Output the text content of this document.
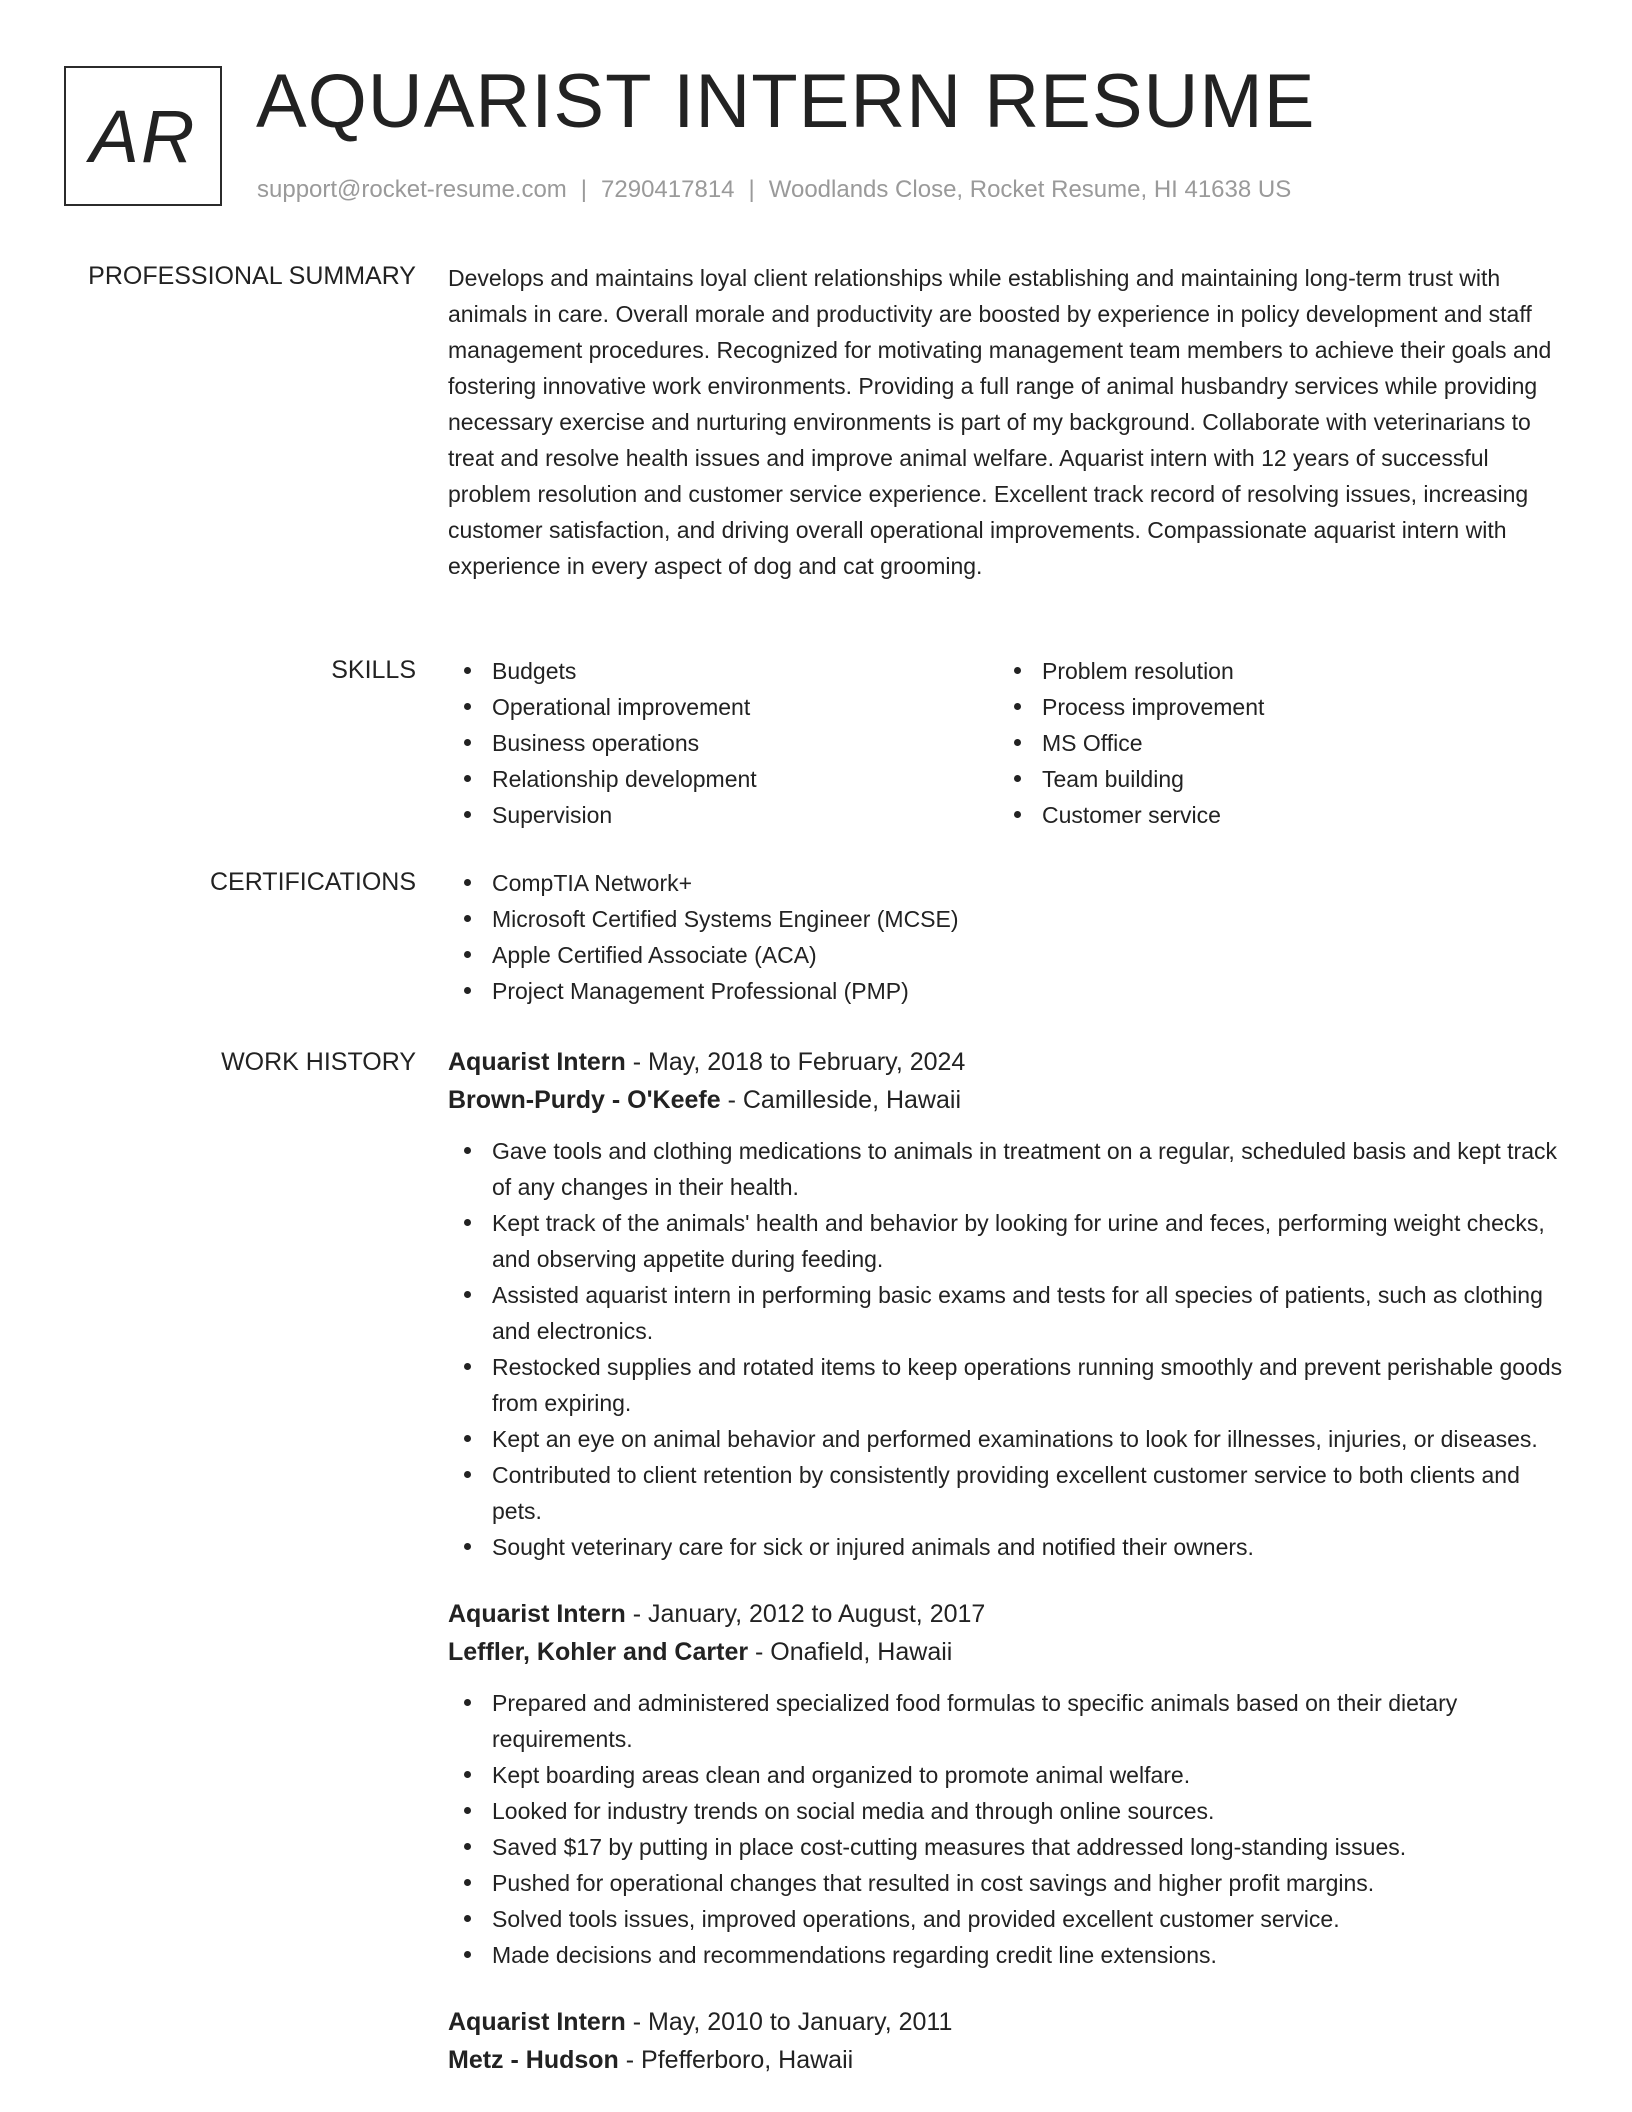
AR AQUARIST INTERN RESUME
support@rocket-resume.com | 7290417814 | Woodlands Close, Rocket Resume, HI 41638 US
PROFESSIONAL SUMMARY Develops and maintains loyal client relationships while establishing and maintaining long-term trust with animals in care. Overall morale and productivity are boosted by experience in policy development and staff management procedures. Recognized for motivating management team members to achieve their goals and fostering innovative work environments. Providing a full range of animal husbandry services while providing necessary exercise and nurturing environments is part of my background. Collaborate with veterinarians to treat and resolve health issues and improve animal welfare. Aquarist intern with 12 years of successful problem resolution and customer service experience. Excellent track record of resolving issues, increasing customer satisfaction, and driving overall operational improvements. Compassionate aquarist intern with experience in every aspect of dog and cat grooming.

SKILLS	Budgets
Operational improvement
Business operations
Relationship development
Supervision
Problem resolution
Process improvement
MS Office
Team building
Customer service
CERTIFICATIONS	CompTIA Network+
Microsoft Certified Systems Engineer (MCSE)
Apple Certified Associate (ACA)
Project Management Professional (PMP)
WORK HISTORY Aquarist Intern - May, 2018 to February, 2024
Brown-Purdy - O'Keefe - Camilleside, Hawaii
Gave tools and clothing medications to animals in treatment on a regular, scheduled basis and kept track of any changes in their health.
Kept track of the animals' health and behavior by looking for urine and feces, performing weight checks, and observing appetite during feeding.
Assisted aquarist intern in performing basic exams and tests for all species of patients, such as clothing and electronics.
Restocked supplies and rotated items to keep operations running smoothly and prevent perishable goods from expiring.
Kept an eye on animal behavior and performed examinations to look for illnesses, injuries, or diseases.
Contributed to client retention by consistently providing excellent customer service to both clients and pets.
Sought veterinary care for sick or injured animals and notified their owners.
Aquarist Intern - January, 2012 to August, 2017
Leffler, Kohler and Carter - Onafield, Hawaii
Prepared and administered specialized food formulas to specific animals based on their dietary requirements.
Kept boarding areas clean and organized to promote animal welfare.
Looked for industry trends on social media and through online sources.
Saved $17 by putting in place cost-cutting measures that addressed long-standing issues.
Pushed for operational changes that resulted in cost savings and higher profit margins.
Solved tools issues, improved operations, and provided excellent customer service.
Made decisions and recommendations regarding credit line extensions.
Aquarist Intern - May, 2010 to January, 2011
Metz - Hudson - Pfefferboro, Hawaii
